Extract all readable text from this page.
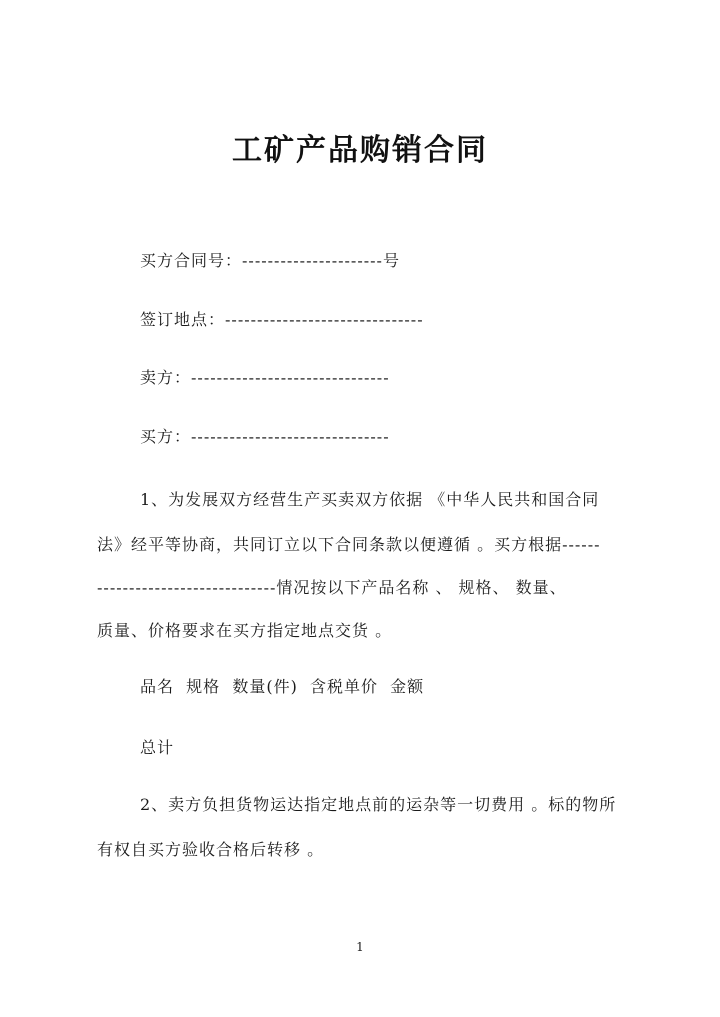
工矿产品购销合同
买方合同号：----------------------号
签订地点：-------------------------------
卖方：-------------------------------
买方：-------------------------------
1、为发展双方经营生产买卖双方依据 《中华人民共和国合同
法》经平等协商，共同订立以下合同条款以便遵循 。买方根据------
----------------------------情况按以下产品名称 、 规格、 数量、
质量、价格要求在买方指定地点交货 。
品名  规格  数量(件)  含税单价  金额
总计
2、卖方负担货物运达指定地点前的运杂等一切费用 。标的物所
有权自买方验收合格后转移 。
1
